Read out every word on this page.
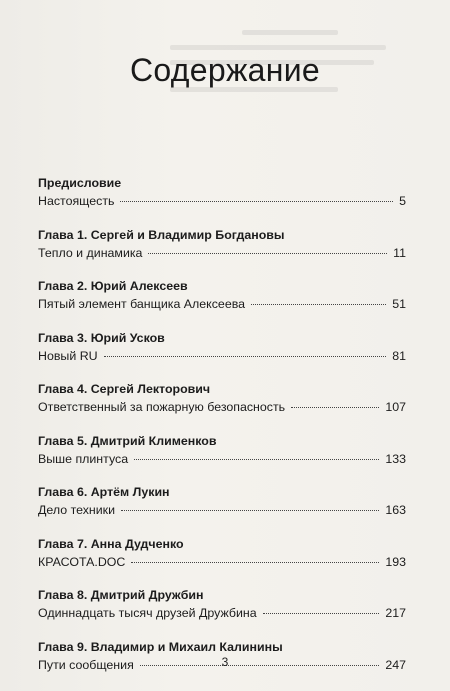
Содержание
Предисловие
Настоящесть	5
Глава 1. Сергей и Владимир Богдановы
Тепло и динамика	11
Глава 2. Юрий Алексеев
Пятый элемент банщика Алексеева	51
Глава 3. Юрий Усков
Новый RU	81
Глава 4. Сергей Лекторович
Ответственный за пожарную безопасность	107
Глава 5. Дмитрий Клименков
Выше плинтуса	133
Глава 6. Артём Лукин
Дело техники	163
Глава 7. Анна Дудченко
КРАСОТА.DOC	193
Глава 8. Дмитрий Дружбин
Одиннадцать тысяч друзей Дружбина	217
Глава 9. Владимир и Михаил Калинины
Пути сообщения	247
3
